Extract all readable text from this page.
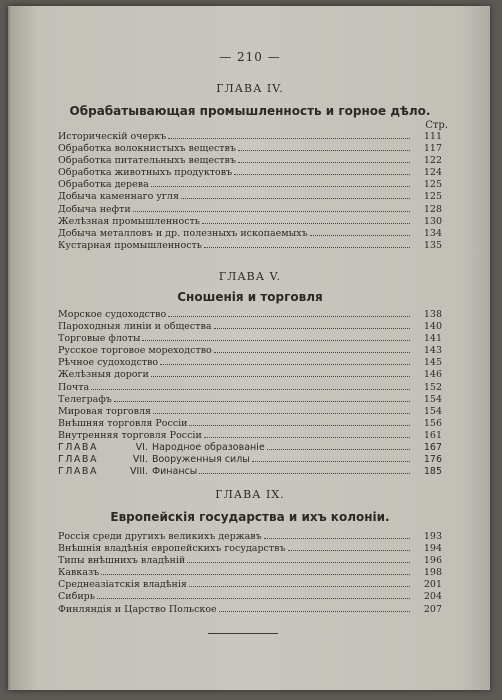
— 210 —
ГЛАВА IV.
Обрабатывающая промышленность и горное дѣло.
Стр.
Историческій очеркъ	111
Обработка волокнистыхъ веществъ	117
Обработка питательныхъ веществъ	122
Обработка животныхъ продуктовъ	124
Обработка дерева	125
Добыча каменнаго угля	125
Добыча нефти	128
Желѣзная промышленность	130
Добыча металловъ и др. полезныхъ ископаемыхъ	134
Кустарная промышленность	135
ГЛАВА V.
Сношенія и торговля
Морское судоходство	138
Пароходныя линіи и общества	140
Торговые флоты	141
Русское торговое мореходство	143
Рѣчное судоходство	145
Желѣзныя дороги	146
Почта	152
Телеграфъ	154
Мировая торговля	154
Внѣшняя торговля Россіи	156
Внутренняя торговля Россіи	161
ГЛАВА	VI. Народное образованіе	167
ГЛАВА	VII. Вооруженныя силы	176
ГЛАВА	VIII. Финансы	185
ГЛАВА IX.
Европейскія государства и ихъ колоніи.
Россія среди другихъ великихъ державъ	193
Внѣшнія владѣнія европейскихъ государствъ	194
Типы внѣшнихъ владѣній	196
Кавказъ	198
Среднеазіатскія владѣнія	201
Сибирь	204
Финляндія и Царство Польское	207
